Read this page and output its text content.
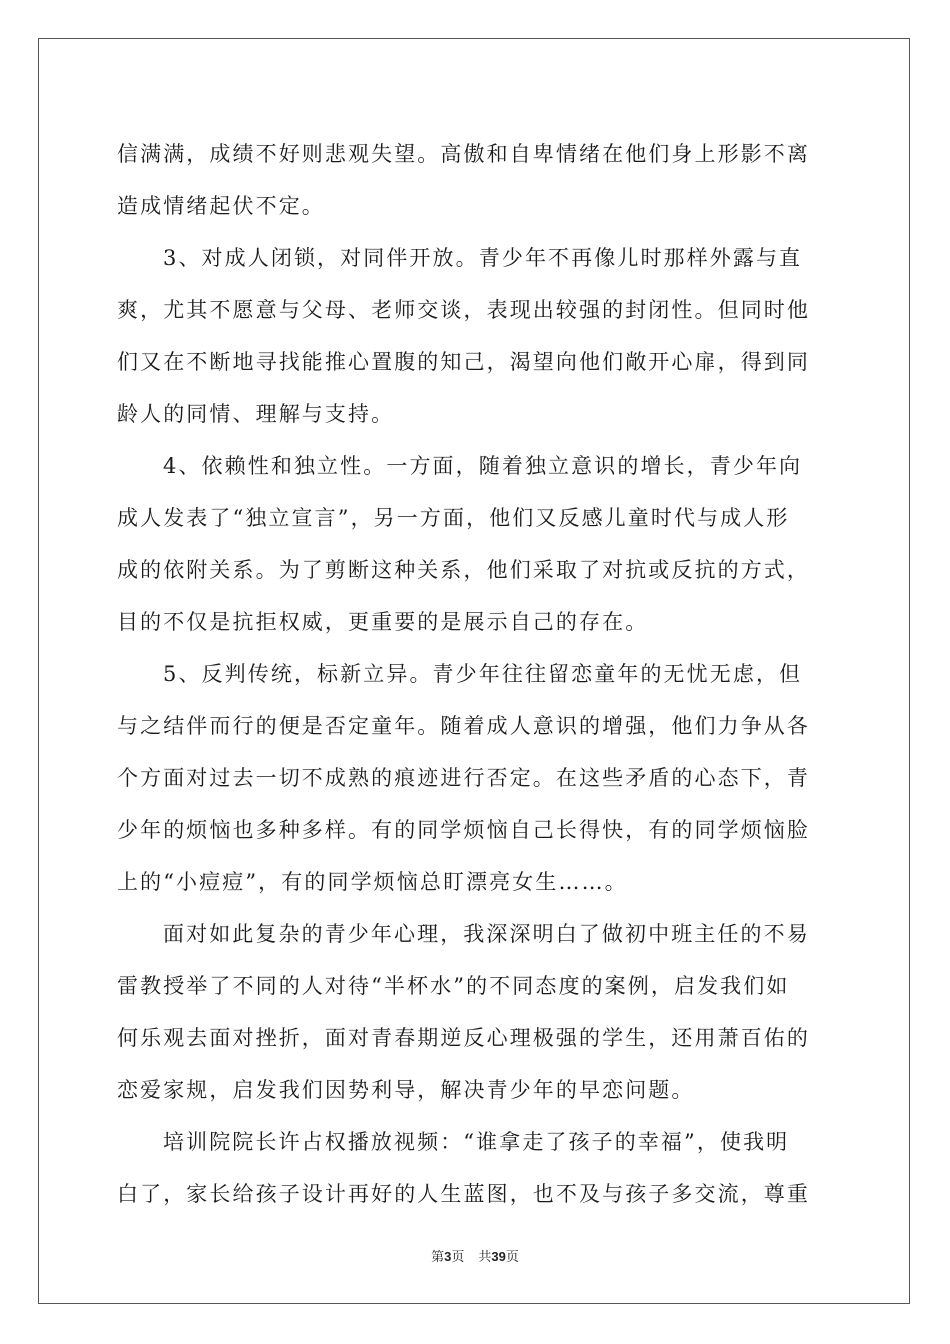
信满满，成绩不好则悲观失望。高傲和自卑情绪在他们身上形影不离
造成情绪起伏不定。
3、对成人闭锁，对同伴开放。青少年不再像儿时那样外露与直
爽，尤其不愿意与父母、老师交谈，表现出较强的封闭性。但同时他
们又在不断地寻找能推心置腹的知己，渴望向他们敞开心扉，得到同
龄人的同情、理解与支持。
4、依赖性和独立性。一方面，随着独立意识的增长，青少年向
成人发表了“独立宣言”，另一方面，他们又反感儿童时代与成人形
成的依附关系。为了剪断这种关系，他们采取了对抗或反抗的方式，
目的不仅是抗拒权威，更重要的是展示自己的存在。
5、反判传统，标新立异。青少年往往留恋童年的无忧无虑，但
与之结伴而行的便是否定童年。随着成人意识的增强，他们力争从各
个方面对过去一切不成熟的痕迹进行否定。在这些矛盾的心态下，青
少年的烦恼也多种多样。有的同学烦恼自己长得快，有的同学烦恼脸
上的“小痘痘”，有的同学烦恼总盯漂亮女生……。
面对如此复杂的青少年心理，我深深明白了做初中班主任的不易
雷教授举了不同的人对待“半杯水”的不同态度的案例，启发我们如
何乐观去面对挫折，面对青春期逆反心理极强的学生，还用萧百佑的
恋爱家规，启发我们因势利导，解决青少年的早恋问题。
培训院院长许占权播放视频：“谁拿走了孩子的幸福”，使我明
白了，家长给孩子设计再好的人生蓝图，也不及与孩子多交流，尊重
第3页 共39页
